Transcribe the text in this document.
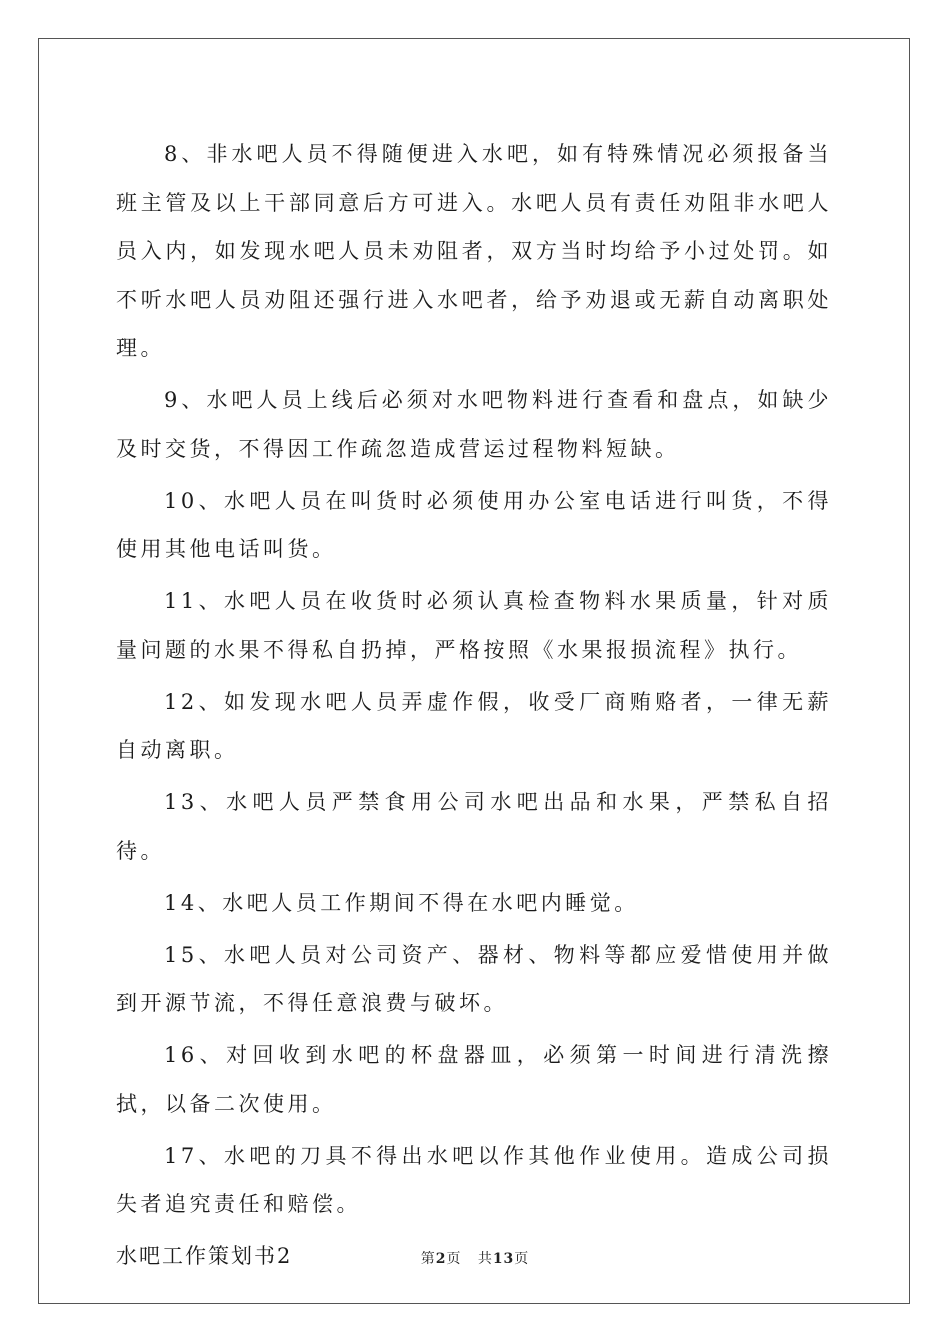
8、非水吧人员不得随便进入水吧，如有特殊情况必须报备当班主管及以上干部同意后方可进入。水吧人员有责任劝阻非水吧人员入内，如发现水吧人员未劝阻者，双方当时均给予小过处罚。如不听水吧人员劝阻还强行进入水吧者，给予劝退或无薪自动离职处理。

9、水吧人员上线后必须对水吧物料进行查看和盘点，如缺少及时交货，不得因工作疏忽造成营运过程物料短缺。

10、水吧人员在叫货时必须使用办公室电话进行叫货，不得使用其他电话叫货。

11、水吧人员在收货时必须认真检查物料水果质量，针对质量问题的水果不得私自扔掉，严格按照《水果报损流程》执行。

12、如发现水吧人员弄虚作假，收受厂商贿赂者，一律无薪自动离职。

13、水吧人员严禁食用公司水吧出品和水果，严禁私自招待。

14、水吧人员工作期间不得在水吧内睡觉。

15、水吧人员对公司资产、器材、物料等都应爱惜使用并做到开源节流，不得任意浪费与破坏。

16、对回收到水吧的杯盘器皿，必须第一时间进行清洗擦拭，以备二次使用。

17、水吧的刀具不得出水吧以作其他作业使用。造成公司损失者追究责任和赔偿。

水吧工作策划书2	第2页 共13页
